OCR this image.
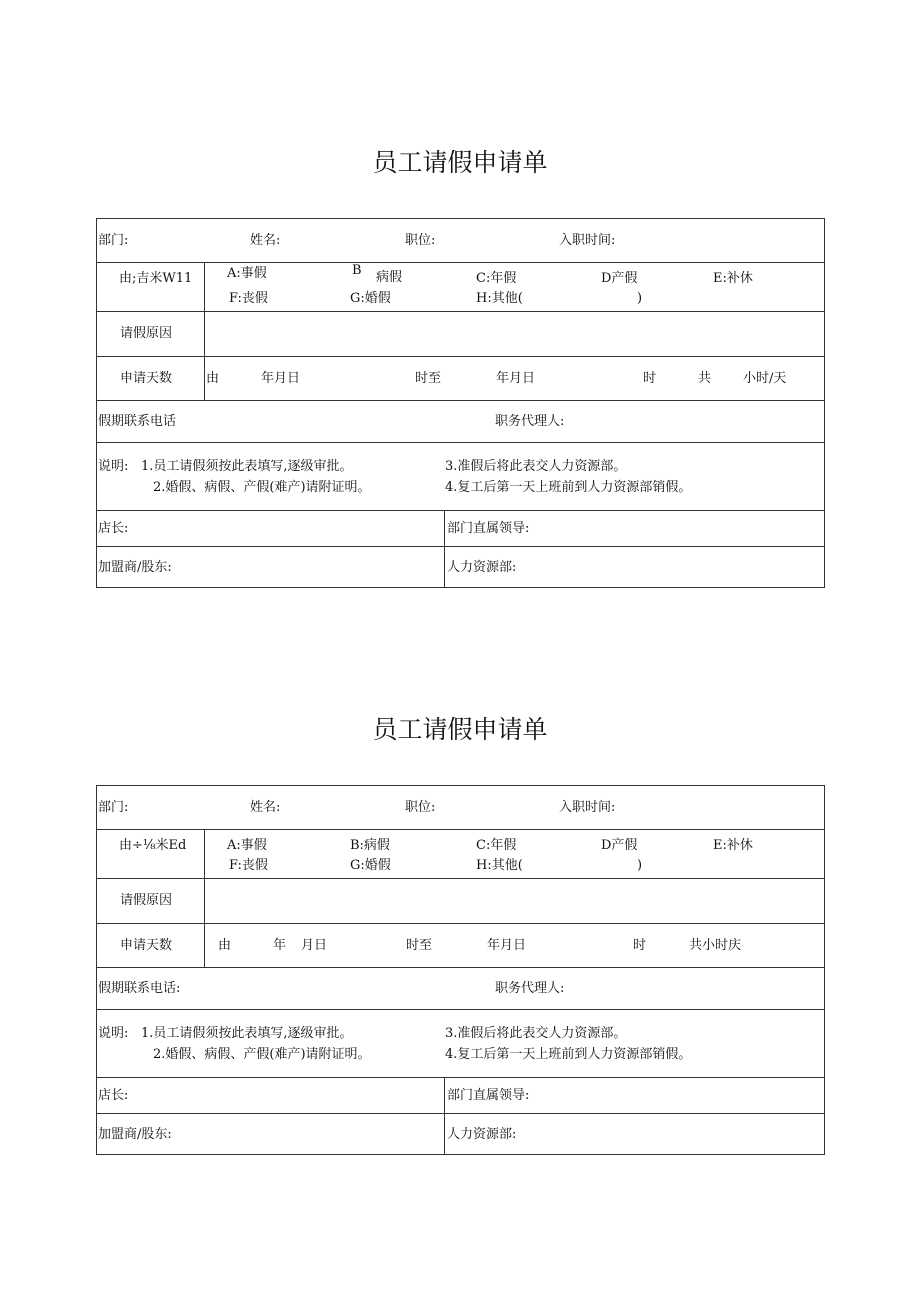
员工请假申请单
部门:	姓名:	职位:	入职时间:
由;吉米W11	A:事假	B 病假	C:年假	D产假	E:补休
F:丧假	G:婚假	H:其他(	)
请假原因
申请天数	由	年月日	时至	年月日	时	共 小时/天
假期联系电话	职务代理人:
说明: 1.员工请假须按此表填写,逐级审批。
2.婚假、病假、产假(难产)请附证明。
3.准假后将此表交人力资源部。
4.复工后第一天上班前到人力资源部销假。
店长:	部门直属领导:
加盟商/股东:	人力资源部:
员工请假申请单
部门:	姓名:	职位:	入职时间:
由÷⅛米Ed	A:事假	B:病假	C:年假	D产假	E:补休
F:丧假	G:婚假	H:其他(	)
请假原因
申请天数	由	年 月日	时至	年月日	时	共小时庆
假期联系电话:	职务代理人:
说明: 1.员工请假须按此表填写,逐级审批。
2.婚假、病假、产假(难产)请附证明。
3.准假后将此表交人力资源部。
4.复工后第一天上班前到人力资源部销假。
店长:	部门直属领导:
加盟商/股东:	人力资源部:
